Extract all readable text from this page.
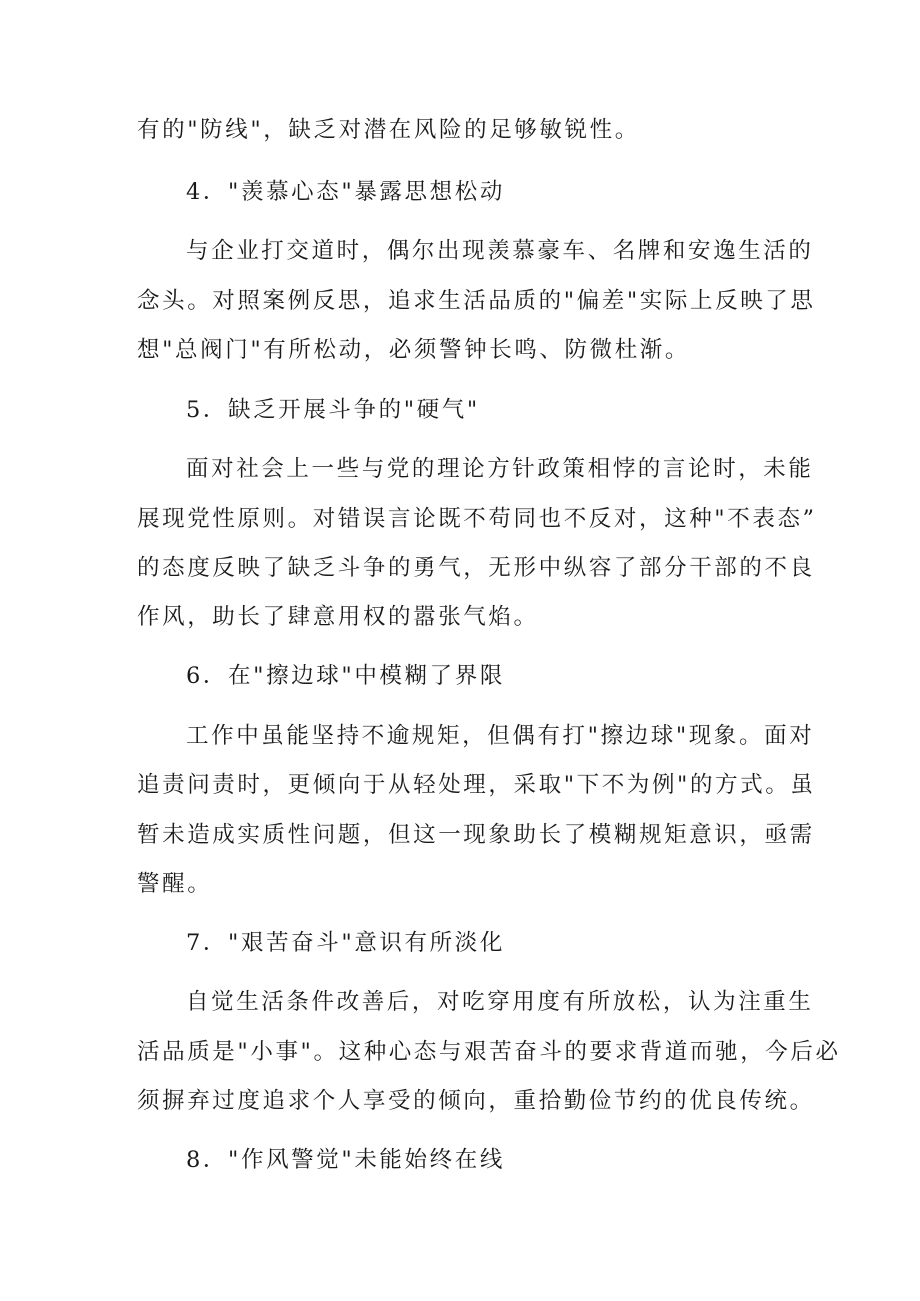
有的"防线"，缺乏对潜在风险的足够敏锐性。
4．"羡慕心态"暴露思想松动
与企业打交道时，偶尔出现羡慕豪车、名牌和安逸生活的
念头。对照案例反思，追求生活品质的"偏差"实际上反映了思
想"总阀门"有所松动，必须警钟长鸣、防微杜渐。
5．缺乏开展斗争的"硬气"
面对社会上一些与党的理论方针政策相悖的言论时，未能
展现党性原则。对错误言论既不苟同也不反对，这种"不表态”
的态度反映了缺乏斗争的勇气，无形中纵容了部分干部的不良
作风，助长了肆意用权的嚣张气焰。
6．在"擦边球"中模糊了界限
工作中虽能坚持不逾规矩，但偶有打"擦边球"现象。面对
追责问责时，更倾向于从轻处理，采取"下不为例"的方式。虽
暂未造成实质性问题，但这一现象助长了模糊规矩意识，亟需
警醒。
7．"艰苦奋斗"意识有所淡化
自觉生活条件改善后，对吃穿用度有所放松，认为注重生
活品质是"小事"。这种心态与艰苦奋斗的要求背道而驰，今后必
须摒弃过度追求个人享受的倾向，重拾勤俭节约的优良传统。
8．"作风警觉"未能始终在线
